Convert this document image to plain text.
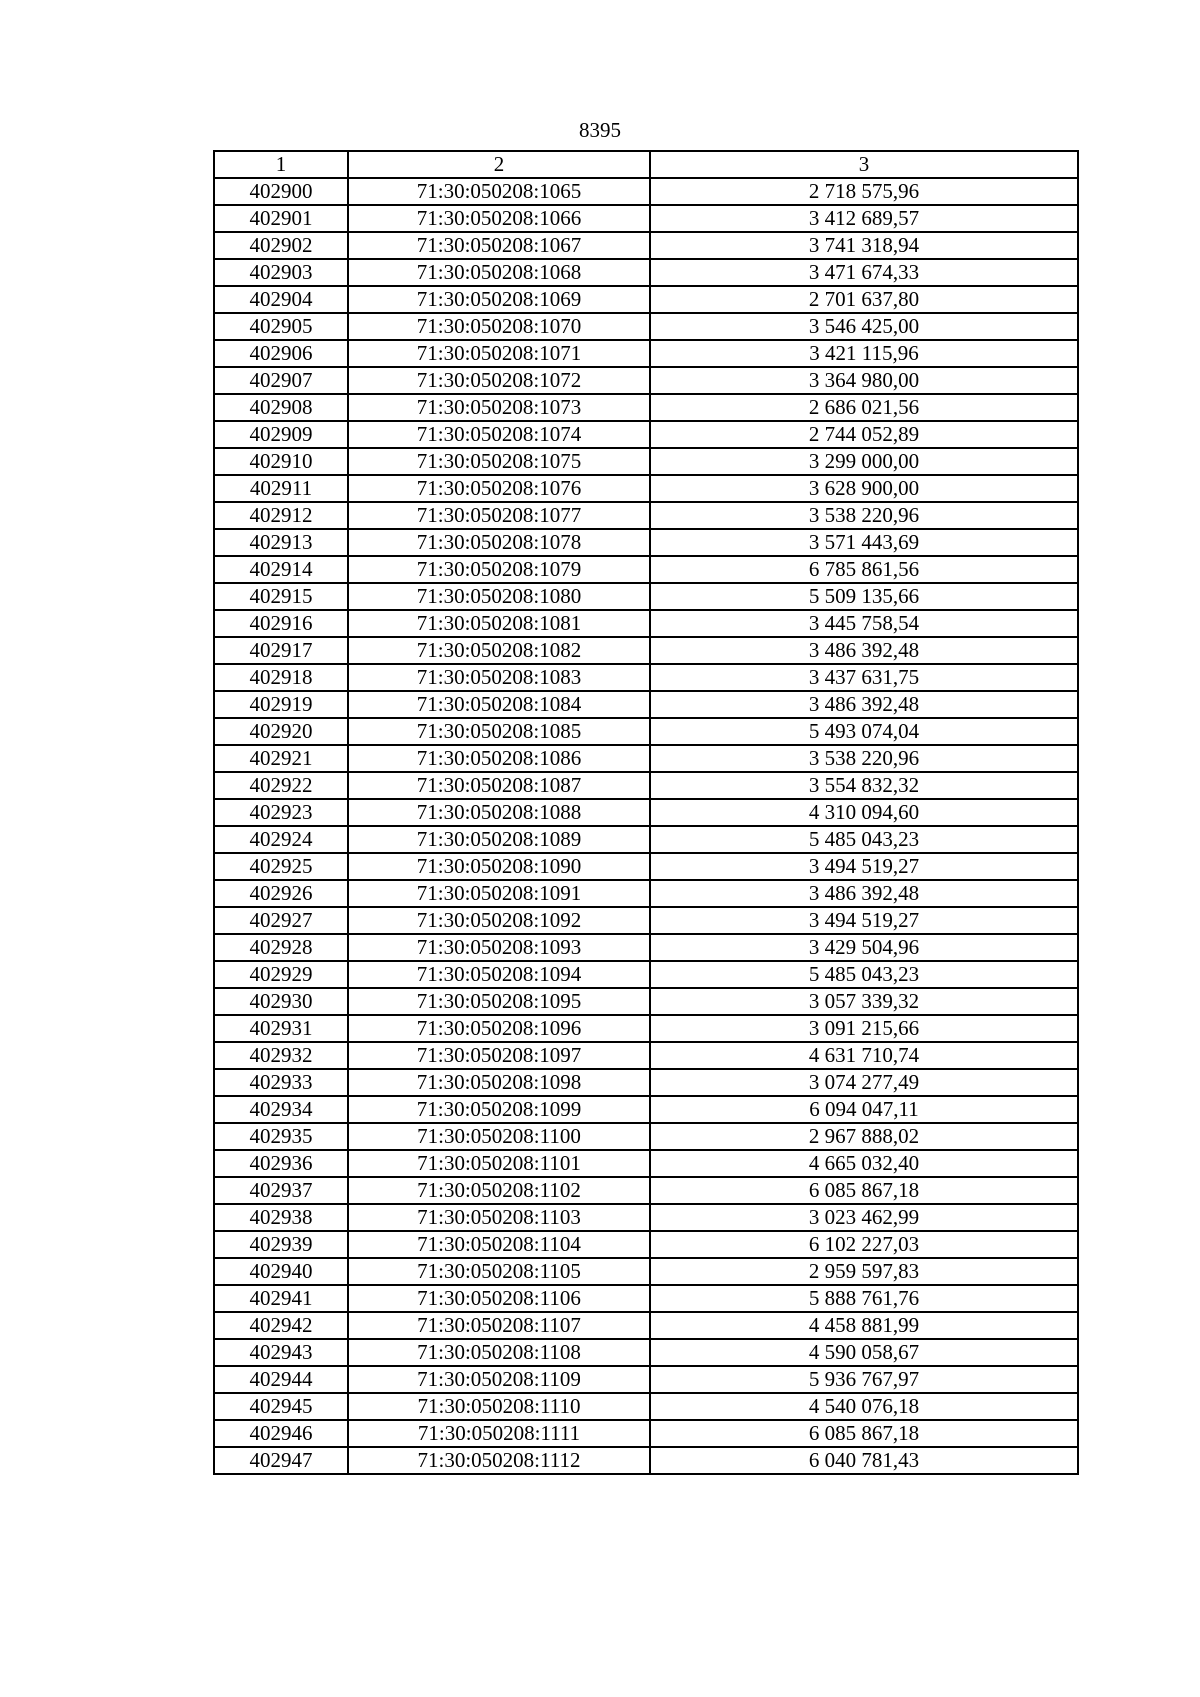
8395
1	2	3
402900	71:30:050208:1065	2 718 575,96
402901	71:30:050208:1066	3 412 689,57
402902	71:30:050208:1067	3 741 318,94
402903	71:30:050208:1068	3 471 674,33
402904	71:30:050208:1069	2 701 637,80
402905	71:30:050208:1070	3 546 425,00
402906	71:30:050208:1071	3 421 115,96
402907	71:30:050208:1072	3 364 980,00
402908	71:30:050208:1073	2 686 021,56
402909	71:30:050208:1074	2 744 052,89
402910	71:30:050208:1075	3 299 000,00
402911	71:30:050208:1076	3 628 900,00
402912	71:30:050208:1077	3 538 220,96
402913	71:30:050208:1078	3 571 443,69
402914	71:30:050208:1079	6 785 861,56
402915	71:30:050208:1080	5 509 135,66
402916	71:30:050208:1081	3 445 758,54
402917	71:30:050208:1082	3 486 392,48
402918	71:30:050208:1083	3 437 631,75
402919	71:30:050208:1084	3 486 392,48
402920	71:30:050208:1085	5 493 074,04
402921	71:30:050208:1086	3 538 220,96
402922	71:30:050208:1087	3 554 832,32
402923	71:30:050208:1088	4 310 094,60
402924	71:30:050208:1089	5 485 043,23
402925	71:30:050208:1090	3 494 519,27
402926	71:30:050208:1091	3 486 392,48
402927	71:30:050208:1092	3 494 519,27
402928	71:30:050208:1093	3 429 504,96
402929	71:30:050208:1094	5 485 043,23
402930	71:30:050208:1095	3 057 339,32
402931	71:30:050208:1096	3 091 215,66
402932	71:30:050208:1097	4 631 710,74
402933	71:30:050208:1098	3 074 277,49
402934	71:30:050208:1099	6 094 047,11
402935	71:30:050208:1100	2 967 888,02
402936	71:30:050208:1101	4 665 032,40
402937	71:30:050208:1102	6 085 867,18
402938	71:30:050208:1103	3 023 462,99
402939	71:30:050208:1104	6 102 227,03
402940	71:30:050208:1105	2 959 597,83
402941	71:30:050208:1106	5 888 761,76
402942	71:30:050208:1107	4 458 881,99
402943	71:30:050208:1108	4 590 058,67
402944	71:30:050208:1109	5 936 767,97
402945	71:30:050208:1110	4 540 076,18
402946	71:30:050208:1111	6 085 867,18
402947	71:30:050208:1112	6 040 781,43
